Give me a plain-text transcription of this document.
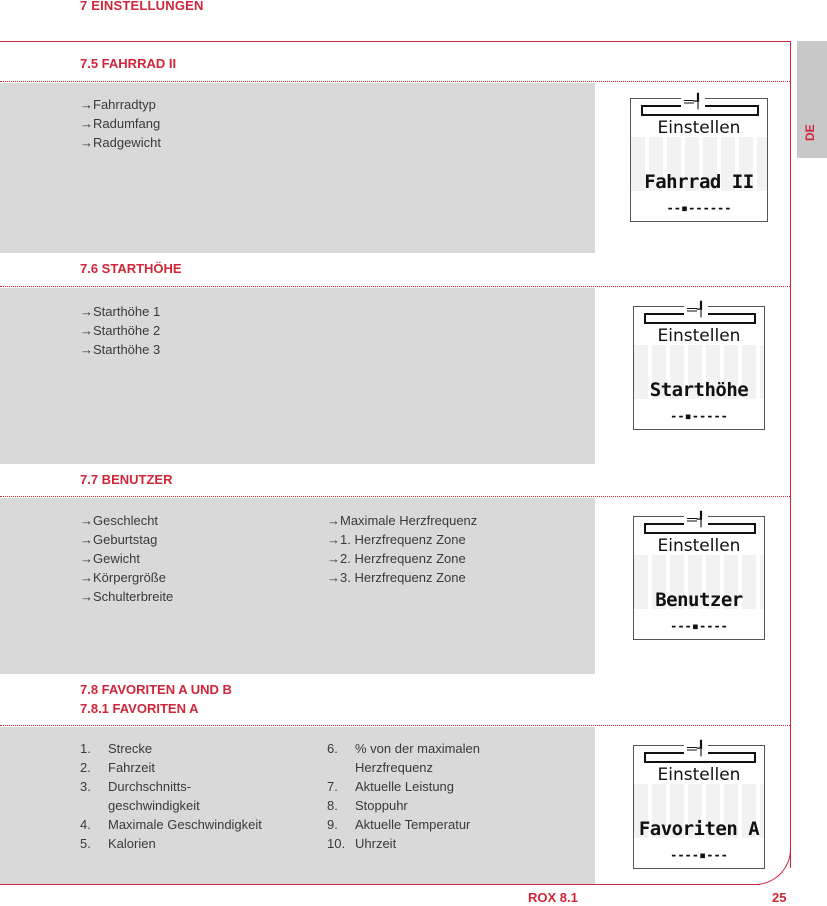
7 EINSTELLUNGEN
DE
7.5 FAHRRAD II
→ Fahrradtyp
→ Radumfang
→ Radgewicht
═┦
Einstellen
Fahrrad II
--▪------
7.6 STARTHÖHE
→ Starthöhe 1
→ Starthöhe 2
→ Starthöhe 3
═┦
Einstellen
Starthöhe
--▪-----
7.7 BENUTZER
→ Geschlecht
→ Geburtstag
→ Gewicht
→ Körpergröße
→ Schulterbreite
→ Maximale Herzfrequenz
→ 1. Herzfrequenz Zone
→ 2. Herzfrequenz Zone
→ 3. Herzfrequenz Zone
═┦
Einstellen
Benutzer
---▪----
7.8 FAVORITEN A UND B
7.8.1 FAVORITEN A
1. Strecke
2. Fahrzeit
3. Durchschnitts-
geschwindigkeit
4. Maximale Geschwindigkeit
5. Kalorien
6. % von der maximalen
Herzfrequenz
7. Aktuelle Leistung
8. Stoppuhr
9. Aktuelle Temperatur
10. Uhrzeit
═┦
Einstellen
Favoriten A
----▪---
ROX 8.1	25
